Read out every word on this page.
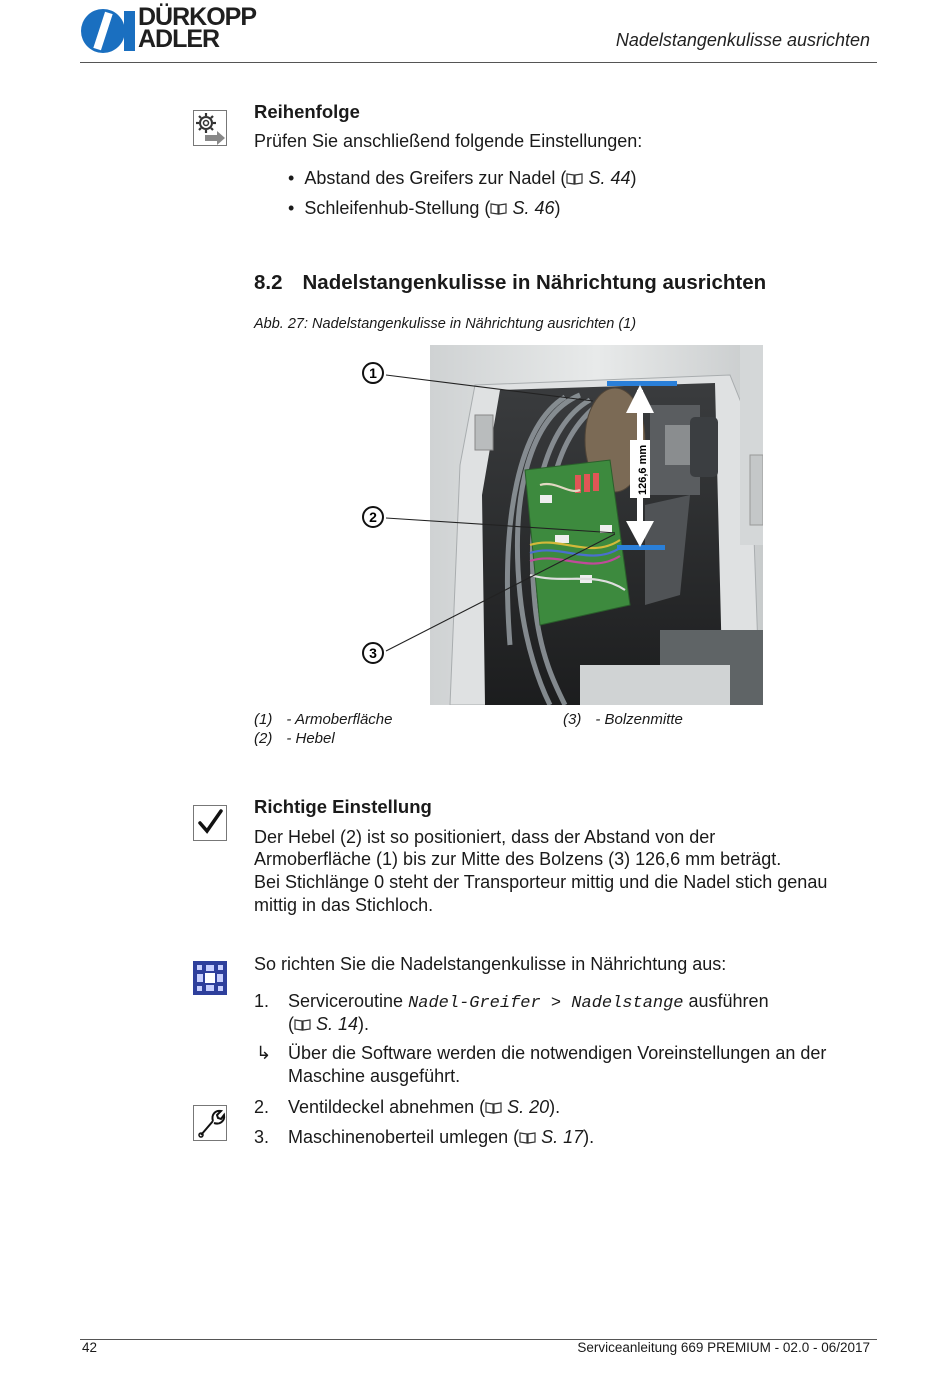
DÜRKOPP
ADLER	Nadelstangenkulisse ausrichten
Reihenfolge
Prüfen Sie anschließend folgende Einstellungen:
•  Abstand des Greifers zur Nadel ( S. 44)
•  Schleifenhub-Stellung ( S. 46)
8.2 Nadelstangenkulisse in Nährichtung ausrichten
Abb. 27: Nadelstangenkulisse in Nährichtung ausrichten (1)
126,6 mm
1
2
3
(1) - Armoberfläche
(2) - Hebel
(3) - Bolzenmitte
Richtige Einstellung
Der Hebel (2) ist so positioniert, dass der Abstand von der
Armoberfläche (1) bis zur Mitte des Bolzens (3) 126,6 mm beträgt.
Bei Stichlänge 0 steht der Transporteur mittig und die Nadel stich genau
mittig in das Stichloch.
So richten Sie die Nadelstangenkulisse in Nährichtung aus:
1. Serviceroutine Nadel-Greifer > Nadelstange ausführen
( S. 14).
↳ Über die Software werden die notwendigen Voreinstellungen an der
Maschine ausgeführt.
2. Ventildeckel abnehmen ( S. 20).
3. Maschinenoberteil umlegen ( S. 17).
42	Serviceanleitung 669 PREMIUM - 02.0 - 06/2017
